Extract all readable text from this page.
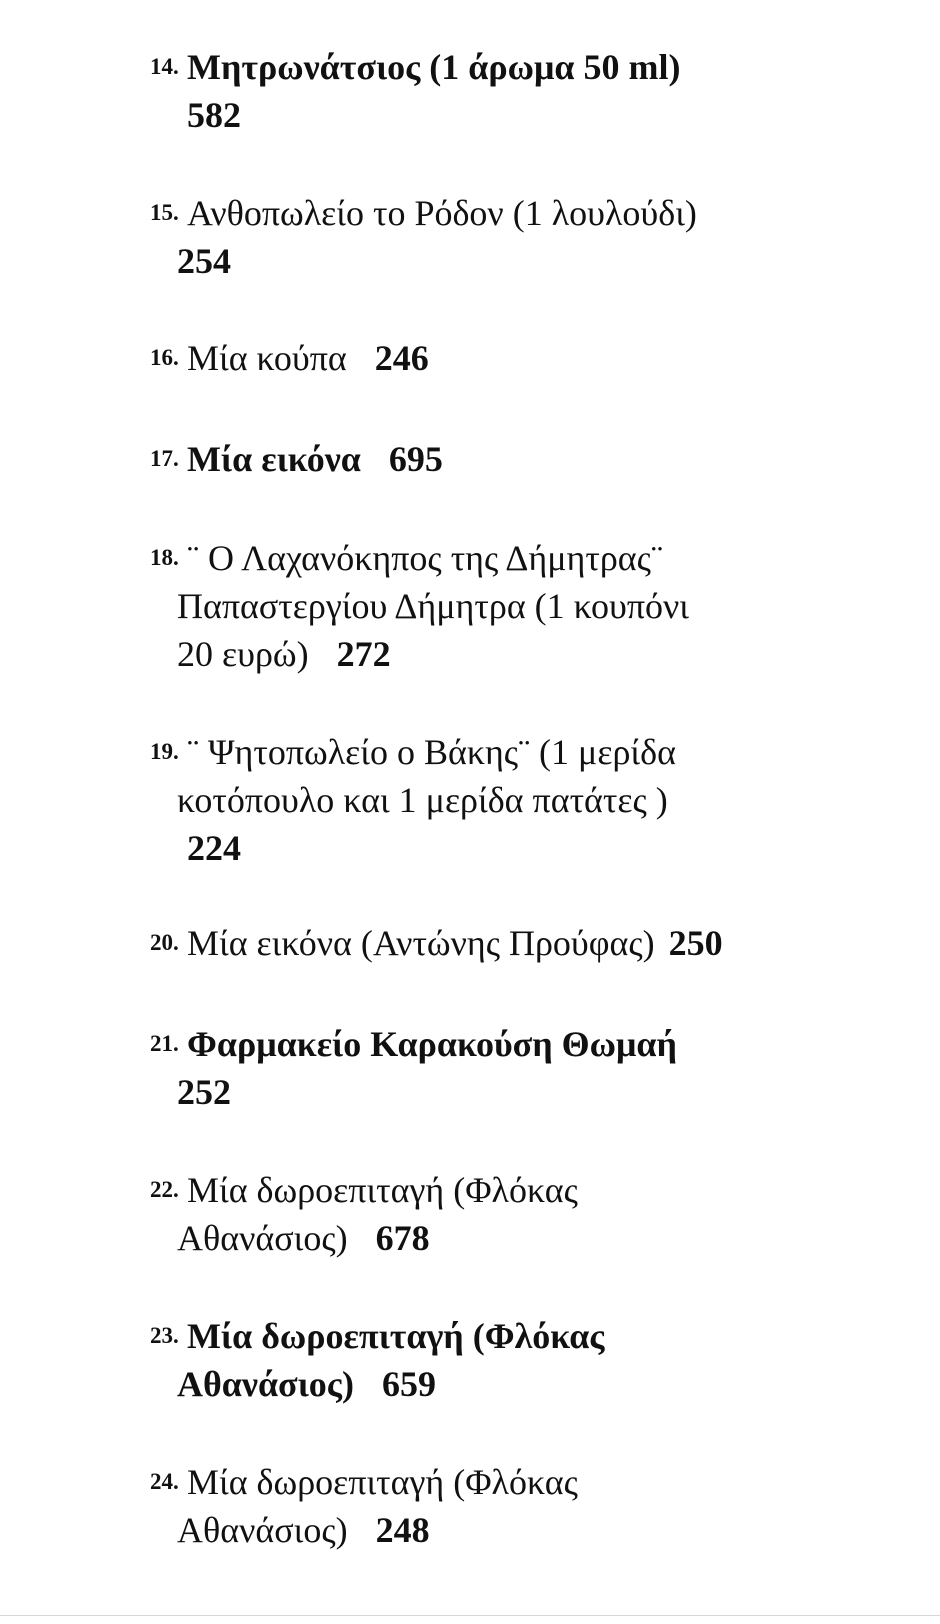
14. Μητρωνάτσιος (1 άρωμα 50 ml)
582
15. Ανθοπωλείο το Ρόδον (1 λουλούδι)
254
16. Μία κούπα 246
17. Μία εικόνα 695
18. ¨ Ο Λαχανόκηπος της Δήμητρας¨
Παπαστεργίου Δήμητρα (1 κουπόνι
20 ευρώ) 272
19. ¨ Ψητοπωλείο ο Βάκης¨ (1 μερίδα
κοτόπουλο και 1 μερίδα πατάτες )
224
20. Μία εικόνα (Αντώνης Προύφας) 250
21. Φαρμακείο Καρακούση Θωμαή
252
22. Μία δωροεπιταγή (Φλόκας
Αθανάσιος) 678
23. Μία δωροεπιταγή (Φλόκας
Αθανάσιος) 659
24. Μία δωροεπιταγή (Φλόκας
Αθανάσιος) 248
